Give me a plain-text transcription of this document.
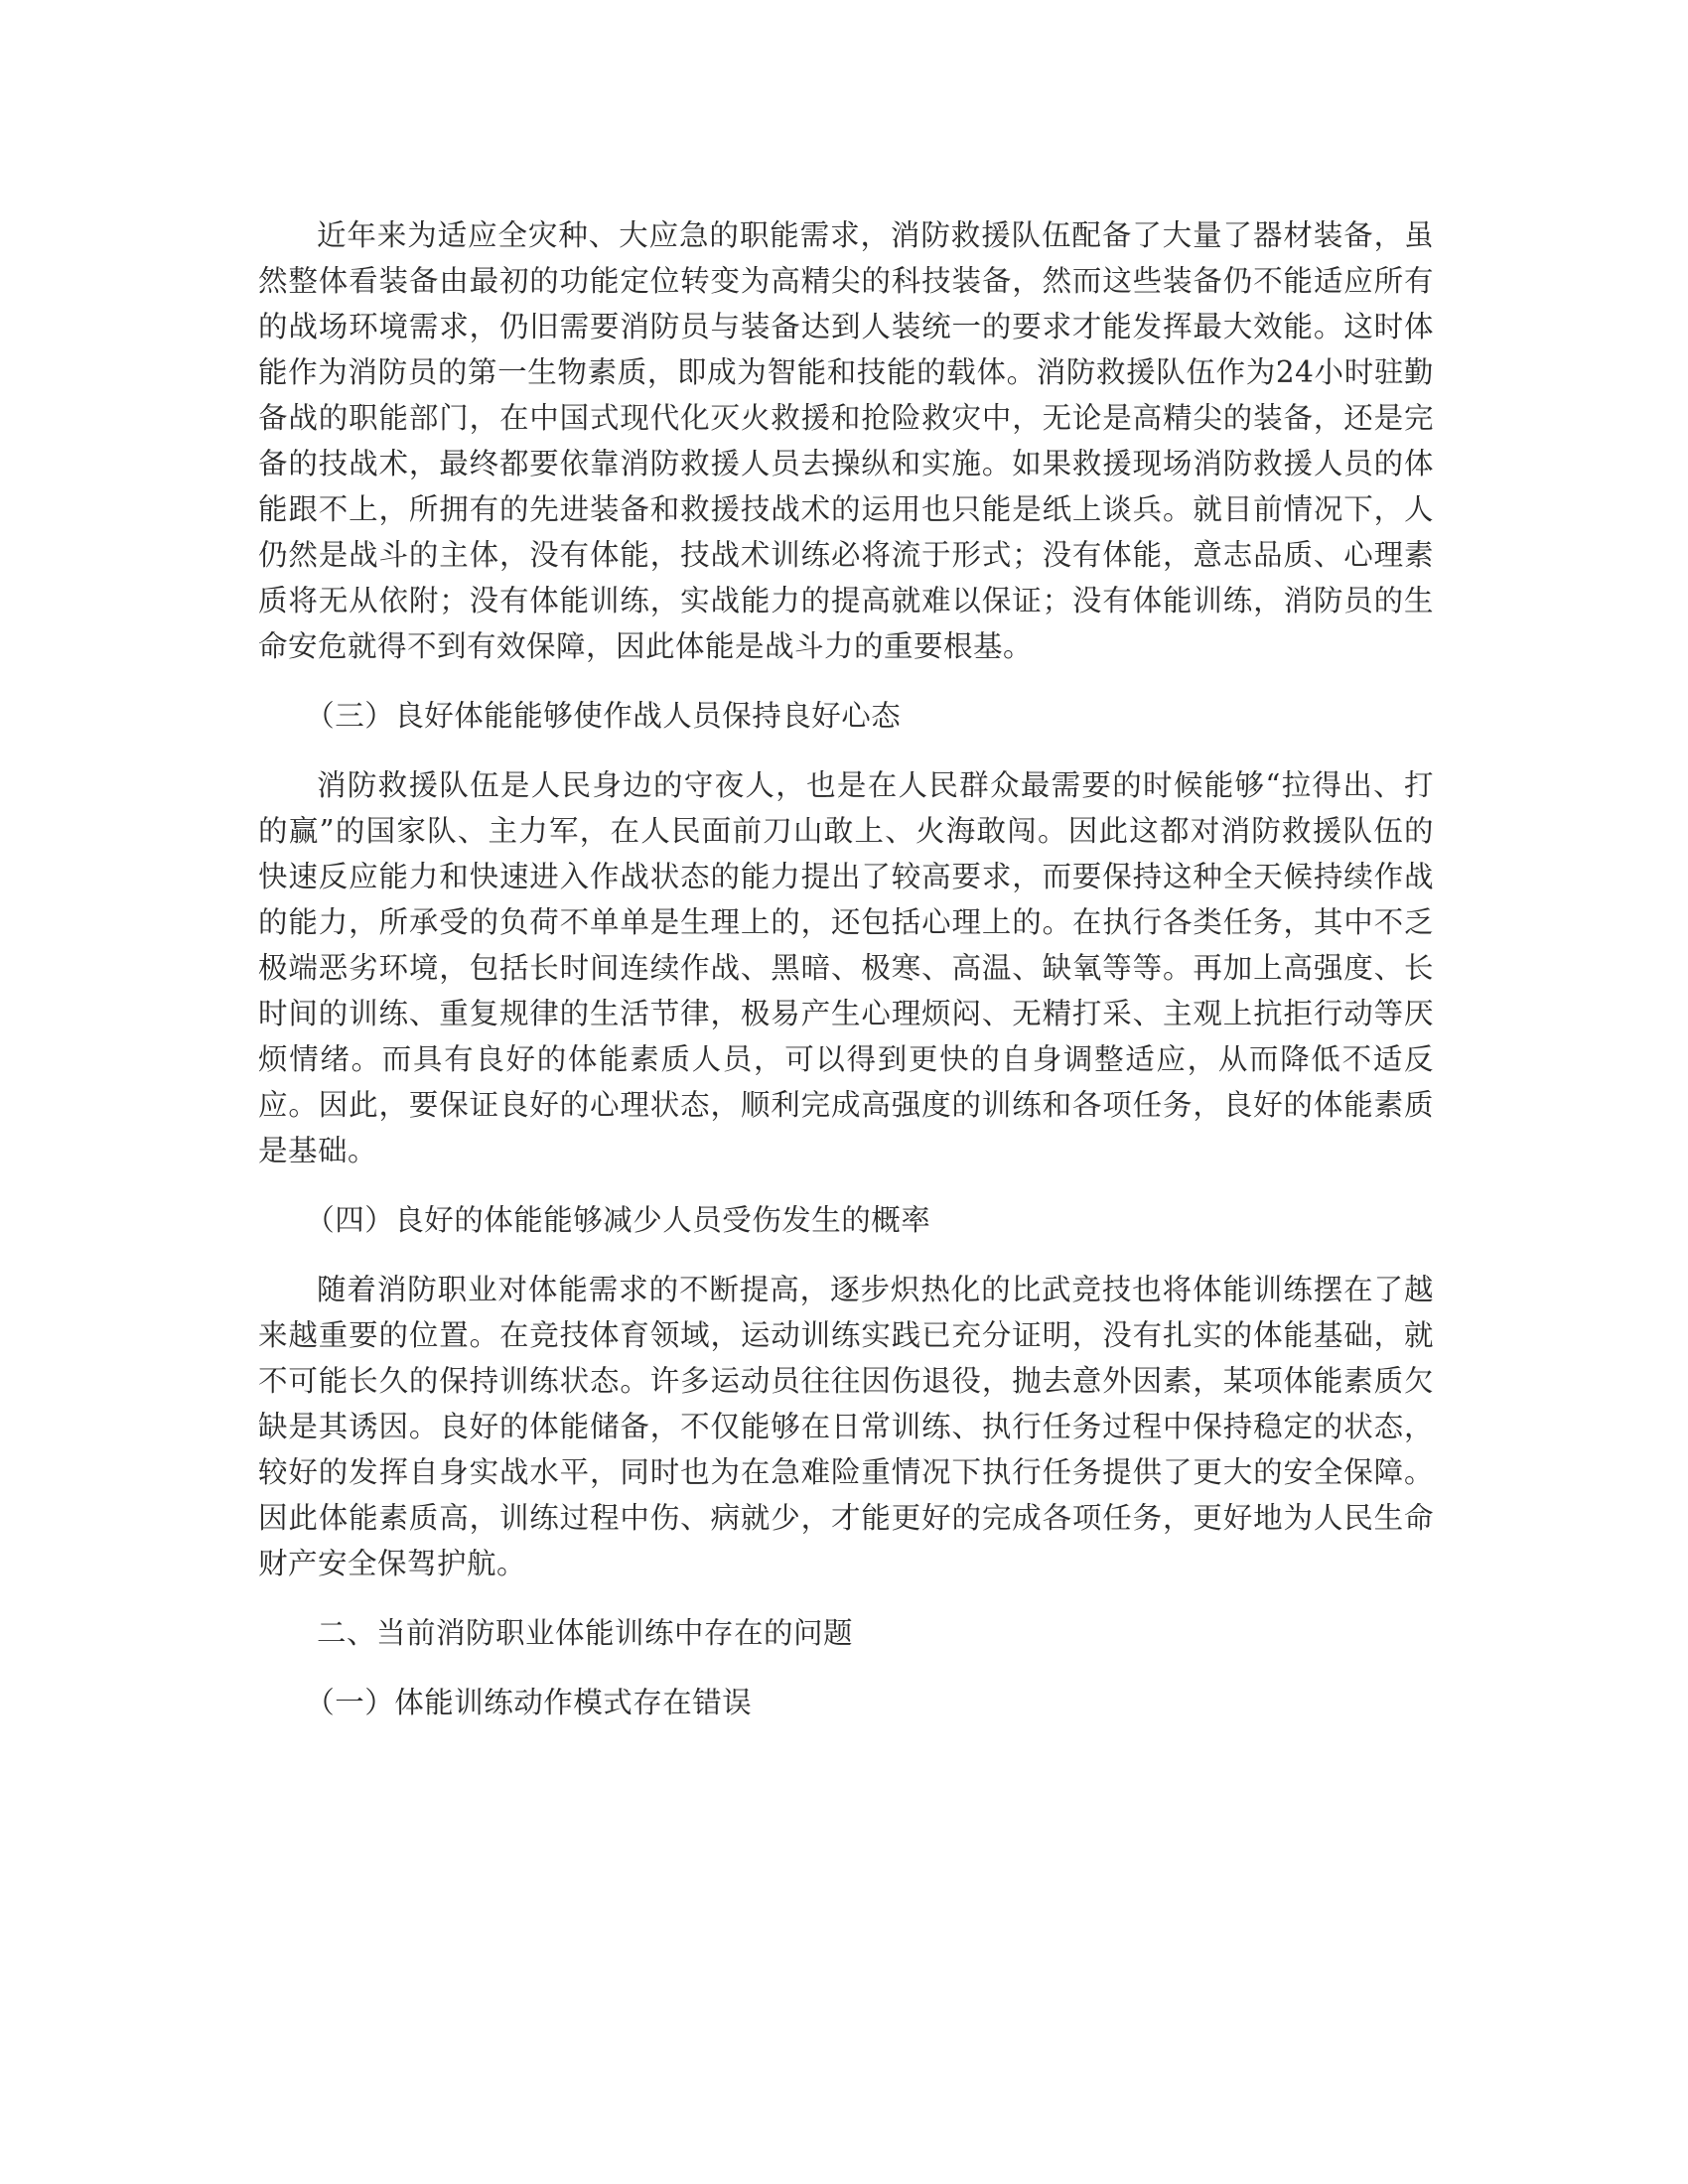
近年来为适应全灾种、大应急的职能需求，消防救援队伍配备了大量了器材装备，虽然整体看装备由最初的功能定位转变为高精尖的科技装备，然而这些装备仍不能适应所有的战场环境需求，仍旧需要消防员与装备达到人装统一的要求才能发挥最大效能。这时体能作为消防员的第一生物素质，即成为智能和技能的载体。消防救援队伍作为24小时驻勤备战的职能部门，在中国式现代化灭火救援和抢险救灾中，无论是高精尖的装备，还是完备的技战术，最终都要依靠消防救援人员去操纵和实施。如果救援现场消防救援人员的体能跟不上，所拥有的先进装备和救援技战术的运用也只能是纸上谈兵。就目前情况下，人仍然是战斗的主体，没有体能，技战术训练必将流于形式；没有体能，意志品质、心理素质将无从依附；没有体能训练，实战能力的提高就难以保证；没有体能训练，消防员的生命安危就得不到有效保障，因此体能是战斗力的重要根基。

（三）良好体能能够使作战人员保持良好心态

消防救援队伍是人民身边的守夜人，也是在人民群众最需要的时候能够“拉得出、打的赢”的国家队、主力军，在人民面前刀山敢上、火海敢闯。因此这都对消防救援队伍的快速反应能力和快速进入作战状态的能力提出了较高要求，而要保持这种全天候持续作战的能力，所承受的负荷不单单是生理上的，还包括心理上的。在执行各类任务，其中不乏极端恶劣环境，包括长时间连续作战、黑暗、极寒、高温、缺氧等等。再加上高强度、长时间的训练、重复规律的生活节律，极易产生心理烦闷、无精打采、主观上抗拒行动等厌烦情绪。而具有良好的体能素质人员，可以得到更快的自身调整适应，从而降低不适反应。因此，要保证良好的心理状态，顺利完成高强度的训练和各项任务，良好的体能素质是基础。

（四）良好的体能能够减少人员受伤发生的概率

随着消防职业对体能需求的不断提高，逐步炽热化的比武竞技也将体能训练摆在了越来越重要的位置。在竞技体育领域，运动训练实践已充分证明，没有扎实的体能基础，就不可能长久的保持训练状态。许多运动员往往因伤退役，抛去意外因素，某项体能素质欠缺是其诱因。良好的体能储备，不仅能够在日常训练、执行任务过程中保持稳定的状态，较好的发挥自身实战水平，同时也为在急难险重情况下执行任务提供了更大的安全保障。因此体能素质高，训练过程中伤、病就少，才能更好的完成各项任务，更好地为人民生命财产安全保驾护航。

二、当前消防职业体能训练中存在的问题

（一）体能训练动作模式存在错误
